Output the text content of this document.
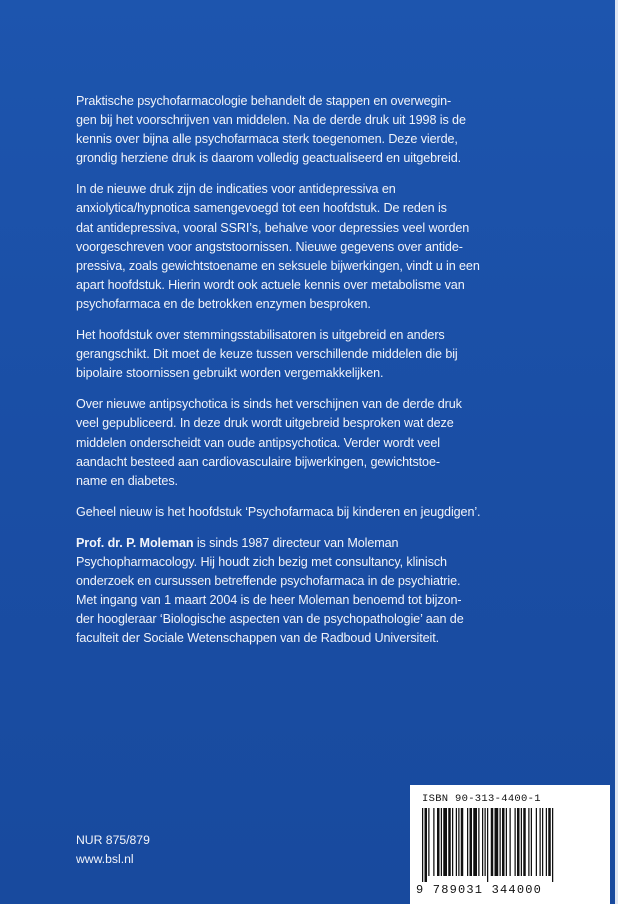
Praktische psychofarmacologie behandelt de stappen en overwegin-
gen bij het voorschrijven van middelen. Na de derde druk uit 1998 is de
kennis over bijna alle psychofarmaca sterk toegenomen. Deze vierde,
grondig herziene druk is daarom volledig geactualiseerd en uitgebreid.

In de nieuwe druk zijn de indicaties voor antidepressiva en
anxiolytica/hypnotica samengevoegd tot een hoofdstuk. De reden is
dat antidepressiva, vooral SSRI’s, behalve voor depressies veel worden
voorgeschreven voor angststoornissen. Nieuwe gegevens over antide-
pressiva, zoals gewichtstoename en seksuele bijwerkingen, vindt u in een
apart hoofdstuk. Hierin wordt ook actuele kennis over metabolisme van
psychofarmaca en de betrokken enzymen besproken.

Het hoofdstuk over stemmingsstabilisatoren is uitgebreid en anders
gerangschikt. Dit moet de keuze tussen verschillende middelen die bij
bipolaire stoornissen gebruikt worden vergemakkelijken.

Over nieuwe antipsychotica is sinds het verschijnen van de derde druk
veel gepubliceerd. In deze druk wordt uitgebreid besproken wat deze
middelen onderscheidt van oude antipsychotica. Verder wordt veel
aandacht besteed aan cardiovasculaire bijwerkingen, gewichtstoe-
name en diabetes.

Geheel nieuw is het hoofdstuk ‘Psychofarmaca bij kinderen en jeugdigen’.

Prof. dr. P. Moleman is sinds 1987 directeur van Moleman
Psychopharmacology. Hij houdt zich bezig met consultancy, klinisch
onderzoek en cursussen betreffende psychofarmaca in de psychiatrie.
Met ingang van 1 maart 2004 is de heer Moleman benoemd tot bijzon-
der hoogleraar ‘Biologische aspecten van de psychopathologie’ aan de
faculteit der Sociale Wetenschappen van de Radboud Universiteit.

NUR 875/879
www.bsl.nl
ISBN 90-313-4400-1
9 789031 344000
